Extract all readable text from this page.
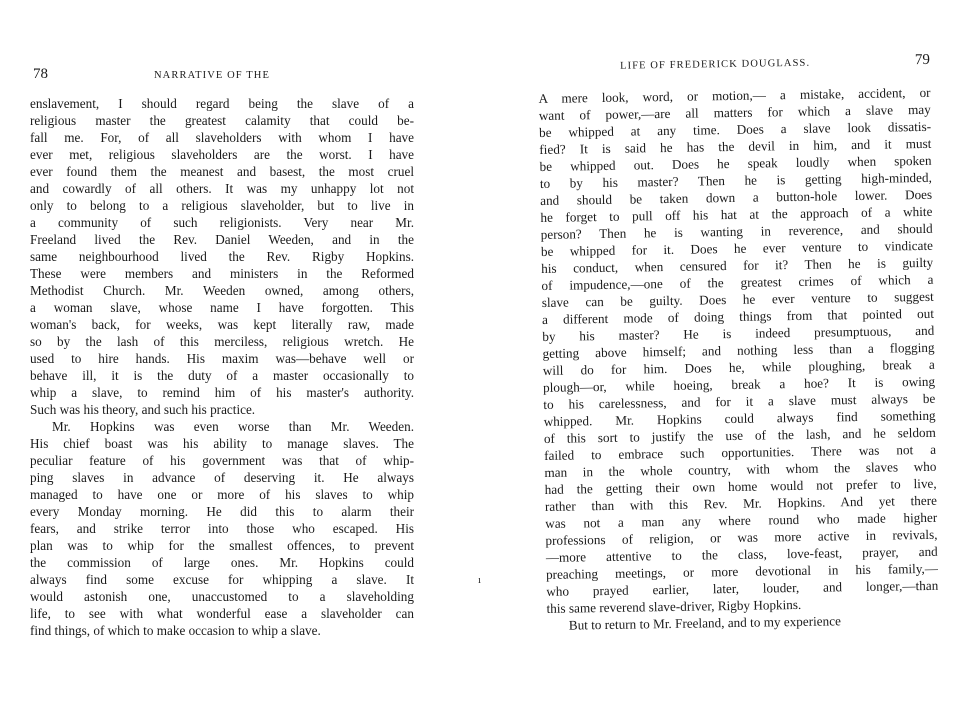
78	NARRATIVE OF THE
enslavement, I should regard being the slave of a
religious master the greatest calamity that could be-
fall me. For, of all slaveholders with whom I have
ever met, religious slaveholders are the worst. I have
ever found them the meanest and basest, the most cruel
and cowardly of all others. It was my unhappy lot not
only to belong to a religious slaveholder, but to live in
a community of such religionists. Very near Mr.
Freeland lived the Rev. Daniel Weeden, and in the
same neighbourhood lived the Rev. Rigby Hopkins.
These were members and ministers in the Reformed
Methodist Church. Mr. Weeden owned, among others,
a woman slave, whose name I have forgotten. This
woman's back, for weeks, was kept literally raw, made
so by the lash of this merciless, religious wretch. He
used to hire hands. His maxim was—behave well or
behave ill, it is the duty of a master occasionally to
whip a slave, to remind him of his master's authority.
Such was his theory, and such his practice.
Mr. Hopkins was even worse than Mr. Weeden.
His chief boast was his ability to manage slaves. The
peculiar feature of his government was that of whip-
ping slaves in advance of deserving it. He always
managed to have one or more of his slaves to whip
every Monday morning. He did this to alarm their
fears, and strike terror into those who escaped. His
plan was to whip for the smallest offences, to prevent
the commission of large ones. Mr. Hopkins could
always find some excuse for whipping a slave. It
would astonish one, unaccustomed to a slaveholding
life, to see with what wonderful ease a slaveholder can
find things, of which to make occasion to whip a slave.
LIFE OF FREDERICK DOUGLASS.	79
A mere look, word, or motion,— a mistake, accident, or
want of power,—are all matters for which a slave may
be whipped at any time. Does a slave look dissatis-
fied? It is said he has the devil in him, and it must
be whipped out. Does he speak loudly when spoken
to by his master? Then he is getting high-minded,
and should be taken down a button-hole lower. Does
he forget to pull off his hat at the approach of a white
person? Then he is wanting in reverence, and should
be whipped for it. Does he ever venture to vindicate
his conduct, when censured for it? Then he is guilty
of impudence,—one of the greatest crimes of which a
slave can be guilty. Does he ever venture to suggest
a different mode of doing things from that pointed out
by his master? He is indeed presumptuous, and
getting above himself; and nothing less than a flogging
will do for him. Does he, while ploughing, break a
plough—or, while hoeing, break a hoe? It is owing
to his carelessness, and for it a slave must always be
whipped. Mr. Hopkins could always find something
of this sort to justify the use of the lash, and he seldom
failed to embrace such opportunities. There was not a
man in the whole country, with whom the slaves who
had the getting their own home would not prefer to live,
rather than with this Rev. Mr. Hopkins. And yet there
was not a man any where round who made higher
professions of religion, or was more active in revivals,
—more attentive to the class, love-feast, prayer, and
preaching meetings, or more devotional in his family,—
who prayed earlier, later, louder, and longer,—than
this same reverend slave-driver, Rigby Hopkins.
But to return to Mr. Freeland, and to my experience
ı
